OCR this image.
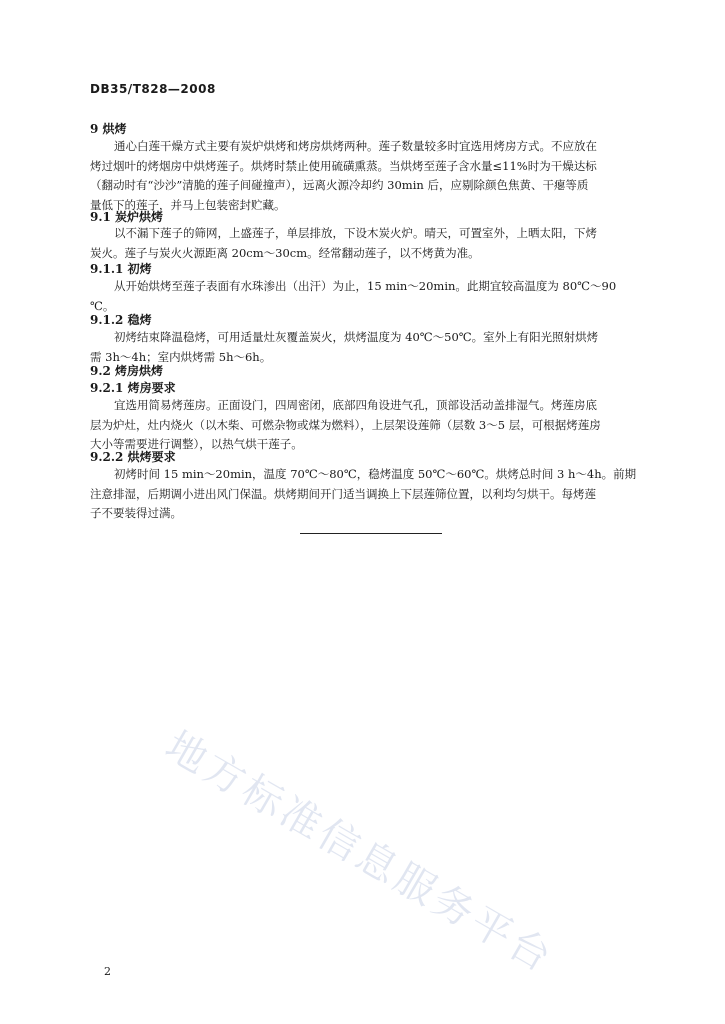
DB35/T828—2008
9 烘烤
通心白莲干燥方式主要有炭炉烘烤和烤房烘烤两种。莲子数量较多时宜选用烤房方式。不应放在
烤过烟叶的烤烟房中烘烤莲子。烘烤时禁止使用硫磺熏蒸。当烘烤至莲子含水量≤11%时为干燥达标
（翻动时有“沙沙”清脆的莲子间碰撞声），远离火源冷却约 30min 后，应剔除颜色焦黄、干瘪等质
量低下的莲子，并马上包装密封贮藏。
9.1 炭炉烘烤
以不漏下莲子的筛网，上盛莲子，单层排放，下设木炭火炉。晴天，可置室外，上晒太阳，下烤
炭火。莲子与炭火火源距离 20cm～30cm。经常翻动莲子，以不烤黄为准。
9.1.1 初烤
从开始烘烤至莲子表面有水珠渗出（出汗）为止，15 min～20min。此期宜较高温度为 80℃～90
℃。
9.1.2 稳烤
初烤结束降温稳烤，可用适量灶灰覆盖炭火，烘烤温度为 40℃～50℃。室外上有阳光照射烘烤
需 3h～4h；室内烘烤需 5h～6h。
9.2 烤房烘烤
9.2.1 烤房要求
宜选用简易烤莲房。正面设门，四周密闭，底部四角设进气孔，顶部设活动盖排湿气。烤莲房底
层为炉灶，灶内烧火（以木柴、可燃杂物或煤为燃料），上层架设莲筛（层数 3～5 层，可根据烤莲房
大小等需要进行调整），以热气烘干莲子。
9.2.2 烘烤要求
初烤时间 15 min～20min，温度 70℃～80℃，稳烤温度 50℃～60℃。烘烤总时间 3 h～4h。前期
注意排湿，后期调小进出风门保温。烘烤期间开门适当调换上下层莲筛位置，以利均匀烘干。每烤莲
子不要装得过满。
地方标准信息服务平台
2
